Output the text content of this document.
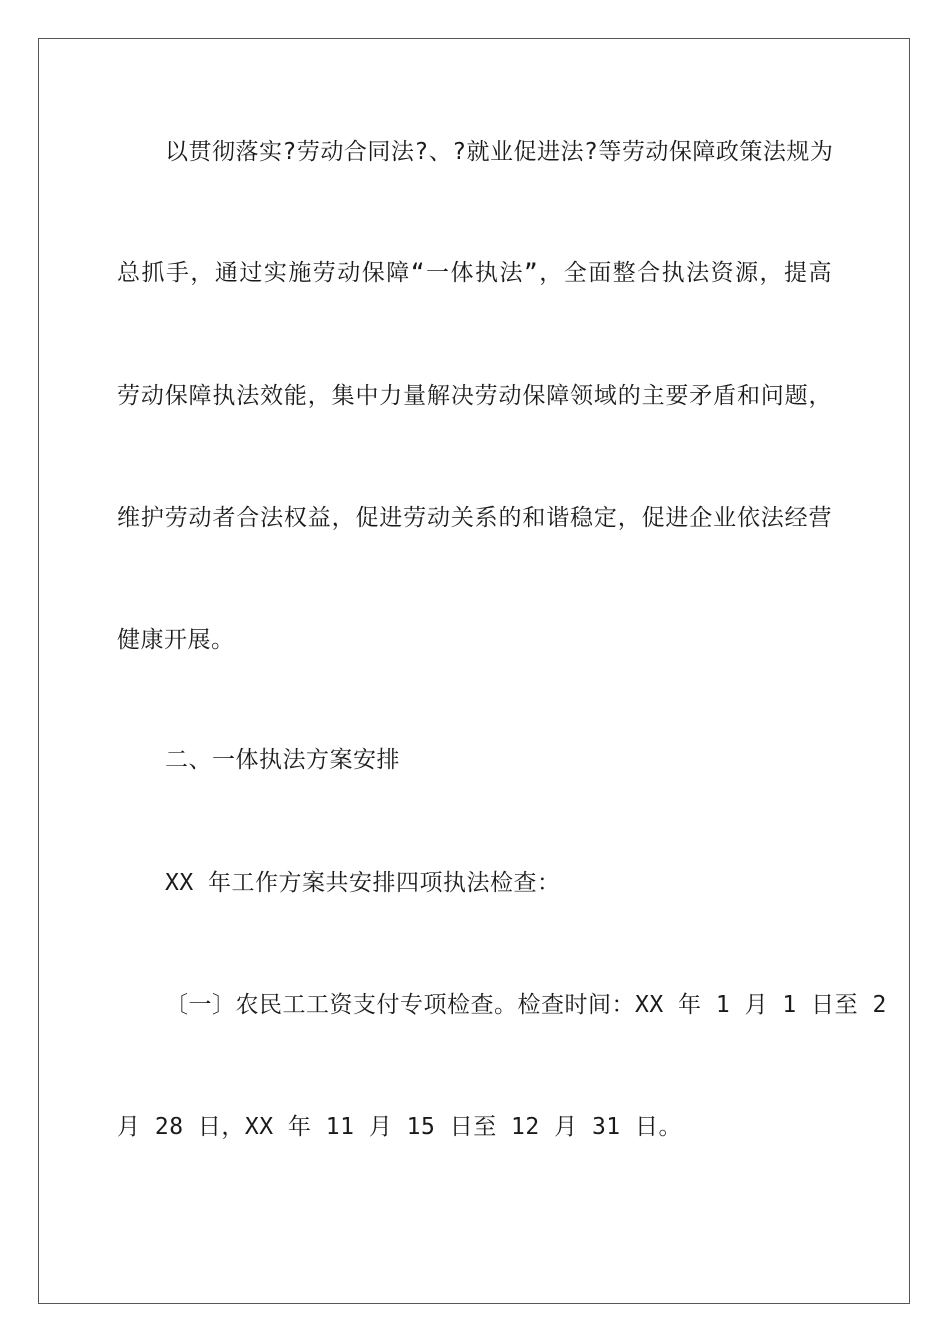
以贯彻落实?劳动合同法?、?就业促进法?等劳动保障政策法规为
总抓手，通过实施劳动保障“一体执法”，全面整合执法资源，提高
劳动保障执法效能，集中力量解决劳动保障领域的主要矛盾和问题，
维护劳动者合法权益，促进劳动关系的和谐稳定，促进企业依法经营
健康开展。
二、一体执法方案安排
XX 年工作方案共安排四项执法检查：
〔一〕农民工工资支付专项检查。检查时间：XX 年 1 月 1 日至 2
月 28 日，XX 年 11 月 15 日至 12 月 31 日。
